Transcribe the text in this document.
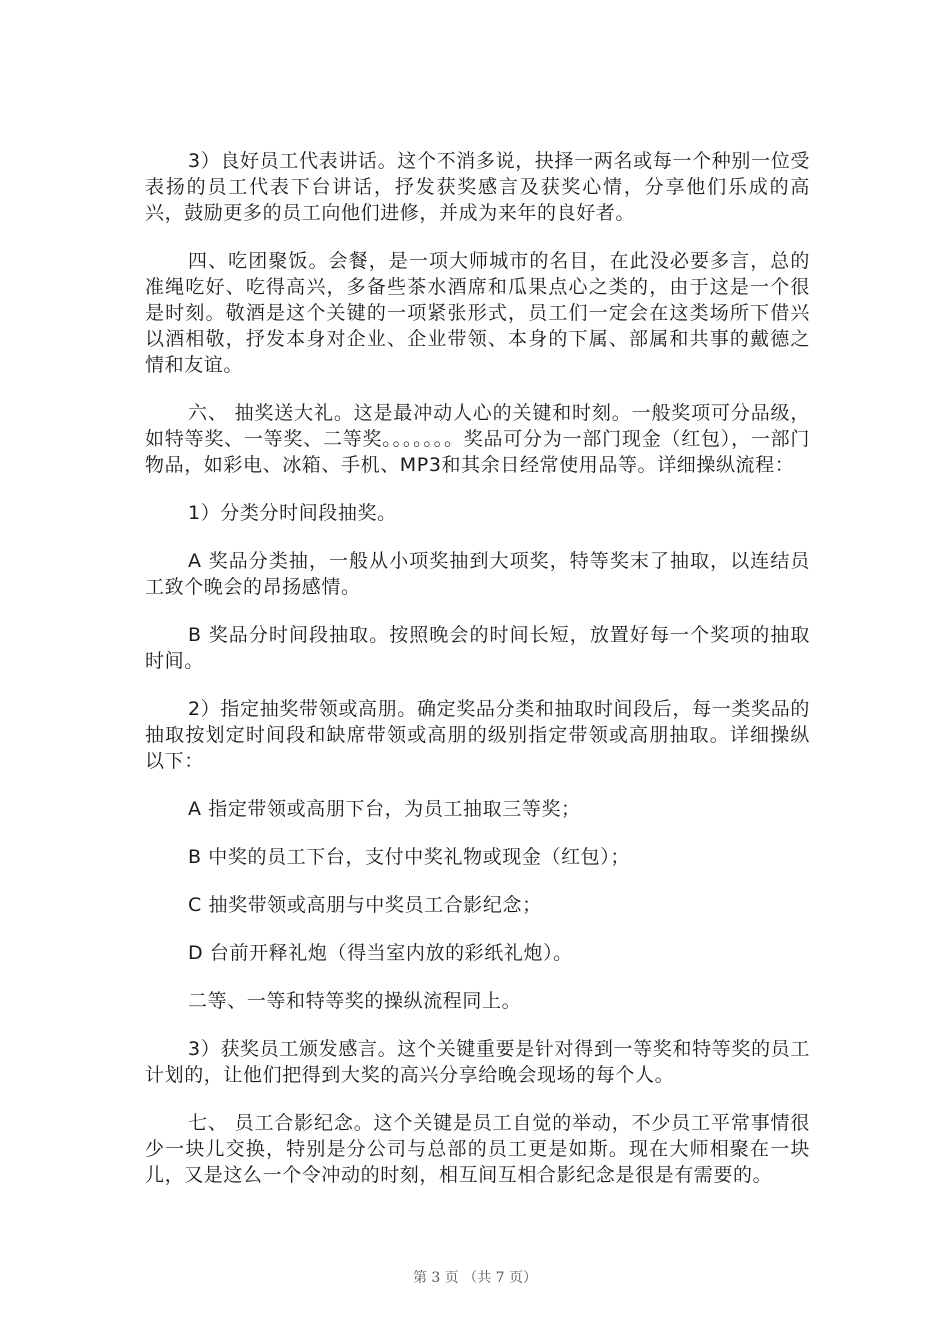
3）良好员工代表讲话。这个不消多说，抉择一两名或每一个种别一位受表扬的员工代表下台讲话，抒发获奖感言及获奖心情，分享他们乐成的高兴，鼓励更多的员工向他们进修，并成为来年的良好者。

四、吃团聚饭。会餐，是一项大师城市的名目，在此没必要多言，总的准绳吃好、吃得高兴，多备些茶水酒席和瓜果点心之类的，由于这是一个很是时刻。敬酒是这个关键的一项紧张形式，员工们一定会在这类场所下借兴以酒相敬，抒发本身对企业、企业带领、本身的下属、部属和共事的戴德之情和友谊。

六、 抽奖送大礼。这是最冲动人心的关键和时刻。一般奖项可分品级，如特等奖、一等奖、二等奖。。。。。。。奖品可分为一部门现金（红包），一部门物品，如彩电、冰箱、手机、MP3和其余日经常使用品等。详细操纵流程：

1）分类分时间段抽奖。

A 奖品分类抽，一般从小项奖抽到大项奖，特等奖末了抽取，以连结员工致个晚会的昂扬感情。

B 奖品分时间段抽取。按照晚会的时间长短，放置好每一个奖项的抽取时间。

2）指定抽奖带领或高朋。确定奖品分类和抽取时间段后，每一类奖品的抽取按划定时间段和缺席带领或高朋的级别指定带领或高朋抽取。详细操纵以下：

A 指定带领或高朋下台，为员工抽取三等奖；

B 中奖的员工下台，支付中奖礼物或现金（红包）；

C 抽奖带领或高朋与中奖员工合影纪念；

D 台前开释礼炮（得当室内放的彩纸礼炮）。

二等、一等和特等奖的操纵流程同上。

3）获奖员工颁发感言。这个关键重要是针对得到一等奖和特等奖的员工计划的，让他们把得到大奖的高兴分享给晚会现场的每个人。

七、 员工合影纪念。这个关键是员工自觉的举动，不少员工平常事情很少一块儿交换，特别是分公司与总部的员工更是如斯。现在大师相聚在一块儿，又是这么一个令冲动的时刻，相互间互相合影纪念是很是有需要的。

第 3 页 （共 7 页）
